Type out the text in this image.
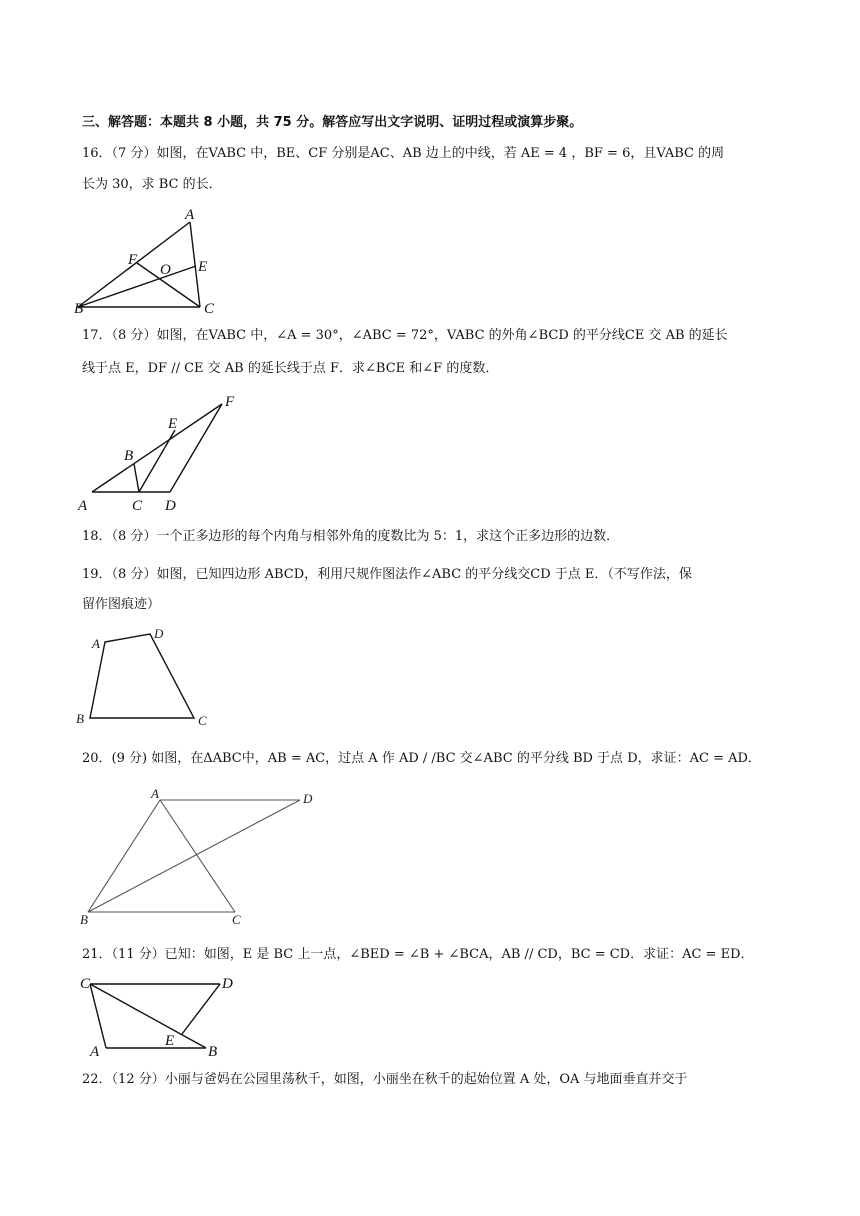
三、解答题：本题共 8 小题，共 75 分。解答应写出文字说明、证明过程或演算步聚。
16．（7 分）如图，在VABC 中，BE、CF 分别是AC、AB 边上的中线，若 AE = 4 ，BF = 6，且VABC 的周
长为 30，求 BC 的长．
A
B	C
E
F
O
17．（8 分）如图，在VABC 中，∠A = 30°，∠ABC = 72°，VABC 的外角∠BCD 的平分线CE 交 AB 的延长
线于点 E，DF // CE 交 AB 的延长线于点 F．求∠BCE 和∠F 的度数．
A
B
C D
E
F
18．（8 分）一个正多边形的每个内角与相邻外角的度数比为 5：1，求这个正多边形的边数．
19．（8 分）如图，已知四边形 ABCD，利用尺规作图法作∠ABC 的平分线交CD 于点 E．（不写作法，保
留作图痕迹）
A
D
B	C
20．(9 分) 如图，在ΔABC中，AB = AC，过点 A 作 AD / /BC 交∠ABC 的平分线 BD 于点 D，求证：AC = AD．
A	D
B	C
21．（11 分）已知：如图，E 是 BC 上一点，∠BED = ∠B + ∠BCA，AB // CD，BC = CD．求证：AC = ED．
C	D
A
E
B
22．（12 分）小丽与爸妈在公园里荡秋千，如图，小丽坐在秋千的起始位置 A 处，OA 与地面垂直并交于
